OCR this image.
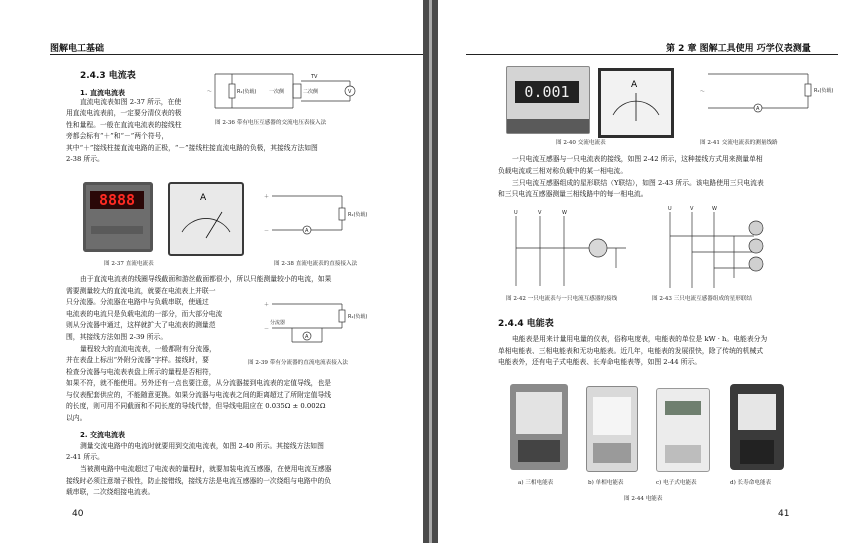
图解电工基础
2.4.3 电流表
1. 直流电流表
直流电流表如图 2-37 所示，在使
用直流电流表前，一定要分清仪表的极
性和量程。一般在直流电流表的接线柱
旁都会标有“＋”和“－”两个符号，
其中“＋”接线柱接直流电路的正极，“－”接线柱接直流电路的负极，其接线方法如图
2-38 所示。
～	R₁(负载)	一次侧	二次侧
TV
V
图 2-36 带有电压互感器的交流电压表接入法
8888	A
图 2-37 直流电流表
＋
－
R₁(负载)
A
图 2-38 直流电流表的直接接入法
由于直流电流表的线圈导线截面和游丝截面都很小，所以只能测量较小的电流，如果
需要测量较大的直流电流，就要在电流表上并联一
只分流器。分流器在电路中与负载串联，使通过
电流表的电流只是负载电流的一部分，而大部分电流
则从分流器中通过，这样就扩大了电流表的测量范
围，其接线方法如图 2-39 所示。
量程较大的直流电流表，一般都附有分流器，
并在表盘上标出“外附分流器”字样。接线时，要
检查分流器与电流表表盘上所示的量程是否相符，
如果不符，就不能使用。另外还有一点也要注意，从分流器接到电流表的定值导线，也是
与仪表配套供应的，不能随意更换。如果分流器与电流表之间的距离超过了所附定值导线
的长度，则可用不同截面和不同长度的导线代替，但导线电阻应在 0.035Ω ± 0.002Ω
以内。
＋
－
R₁(负载)
分流器
A
图 2-39 带有分流器的直流电流表接入法
2. 交流电流表
测量交流电路中的电流时就要用到交流电流表，如图 2-40 所示。其接线方法如图
2-41 所示。
当被测电路中电流超过了电流表的量程时，就要加装电流互感器，在使用电流互感器
接线时必须注意端子极性，防止接错线，接线方法是电流互感器的一次绕组与电路中的负
载串联，二次绕组接电流表。
40
第 2 章 图解工具使用 巧学仪表测量
0.001	A
图 2-40 交流电流表
～	R₁(负载)
A
图 2-41 交流电流表的测量线路
一只电流互感器与一只电流表的接线，如图 2-42 所示，这种接线方式用来测量单相
负载电流或三相对称负载中的某一相电流。
三只电流互感器组成的星形联结（Y联结），如图 2-43 所示。该电路使用三只电流表
和三只电流互感器测量三相线路中的每一相电流。
U	V	W
图 2-42 一只电流表与一只电流互感器的接线
U	V	W
图 2-43 三只电流互感器组成的星形联结
2.4.4 电能表
电能表是用来计量用电量的仪表，俗称电度表，电能表的单位是 kW · h。电能表分为
单相电能表、三相电能表和无功电能表。近几年，电能表的发展很快，除了传统的机械式
电能表外，还有电子式电能表、长寿命电能表等，如图 2-44 所示。
a) 三相电能表	b) 单相电能表	c) 电子式电能表	d) 长寿命电能表
图 2-44 电能表
41
